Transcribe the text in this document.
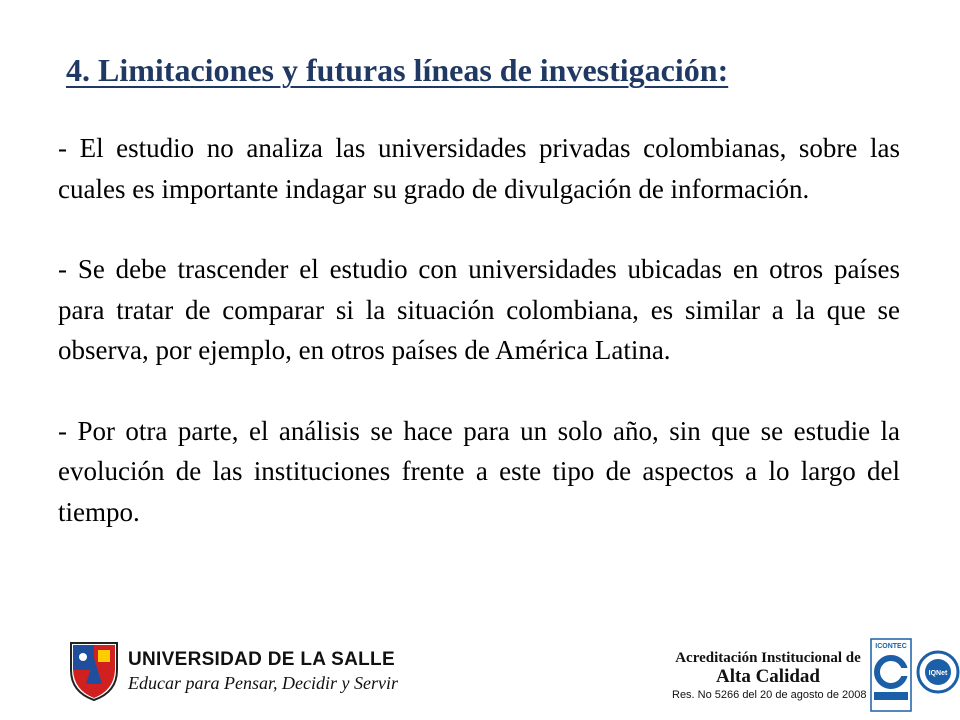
4. Limitaciones y futuras líneas de investigación:

- El estudio no analiza las universidades privadas colombianas, sobre las cuales es importante indagar su grado de divulgación de información.

- Se debe trascender el estudio con universidades ubicadas en otros países para tratar de comparar si la situación colombiana, es similar a la que se observa, por ejemplo, en otros países de América Latina.

- Por otra parte, el análisis se hace para un solo año, sin que se estudie la evolución de las instituciones frente a este tipo de aspectos a lo largo del tiempo.

UNIVERSIDAD DE LA SALLE
Educar para Pensar, Decidir y Servir
Acreditación Institucional de
Alta Calidad
Res. No 5266 del 20 de agosto de 2008
ICONTEC
IQNet
